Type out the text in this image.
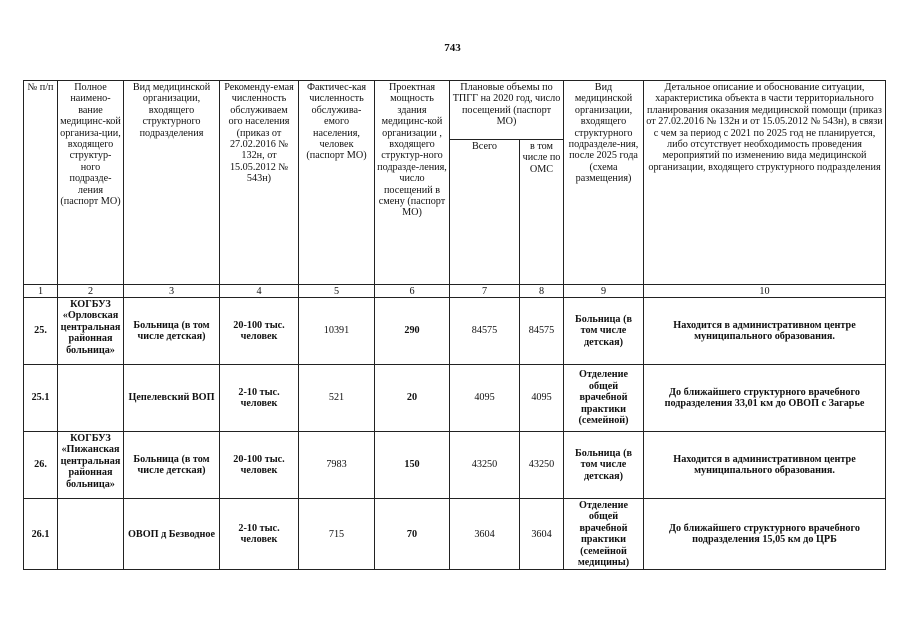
743
№ п/п	Полное наимено-вание медицинс-кой организа-ции, входящего структур-ного подразде-ления (паспорт МО)	Вид медицинской организации, входящего структурного подразделения	Рекоменду-емая численность обслуживаем ого населения (приказ от 27.02.2016 № 132н, от 15.05.2012 № 543н)	Фактичес-кая численность обслужива-емого населения, человек (паспорт МО)	Проектная мощность здания медицинс-кой организации , входящего структур-ного подразде-ления, число посещений в смену (паспорт МО)	Плановые объемы по ТПГГ на 2020 год, число посещений (паспорт МО)		Вид медицинской организации, входящего структурного подразделе-ния, после 2025 года (схема размещения)	Детальное описание и обоснование ситуации, характеристика объекта в части территориального планирования оказания медицинской помощи (приказ от 27.02.2016 № 132н и от 15.05.2012 № 543н), в связи с чем за период с 2021 по 2025 год не планируется, либо отсутствует необходимость проведения мероприятий по изменению вида медицинской организации, входящего структурного подразделения
						Всего	в том числе по ОМС		
1	2	3	4	5	6	7	8	9	10
25.	КОГБУЗ «Орловская центральная районная больница»	Больница (в том числе детская)	20-100 тыс. человек	10391	290	84575	84575	Больница (в том числе детская)	Находится в административном центре муниципального образования.
25.1		Цепелевский ВОП	2-10 тыс. человек	521	20	4095	4095	Отделение общей врачебной практики (семейной)	До ближайшего структурного врачебного подразделения 33,01 км до ОВОП с Загарье
26.	КОГБУЗ «Пижанская центральная районная больница»	Больница (в том числе детская)	20-100 тыс. человек	7983	150	43250	43250	Больница (в том числе детская)	Находится в административном центре муниципального образования.
26.1		ОВОП д Безводное	2-10 тыс. человек	715	70	3604	3604	Отделение общей врачебной практики (семейной медицины)	До ближайшего структурного врачебного подразделения 15,05 км до ЦРБ
